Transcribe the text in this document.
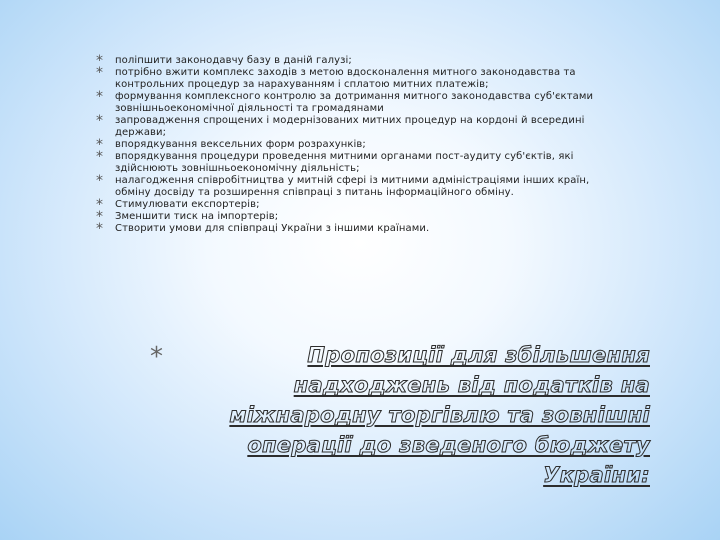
* поліпшити законодавчу базу в даній галузі;
* потрібно вжити комплекс заходів з метою вдосконалення митного законодавства та контрольних процедур за нарахуванням і сплатою митних платежів;
* формування комплексного контролю за дотримання митного законодавства суб'єктами зовнішньоекономічної діяльності та громадянами
* запровадження спрощених і модернізованих митних процедур на кордоні й всередині держави;
* впорядкування вексельних форм розрахунків;
* впорядкування процедури проведення митними органами пост-аудиту суб'єктів, які здійснюють зовнішньоекономічну діяльність;
* налагодження співробітництва у митній сфері із митними адміністраціями інших країн, обміну досвіду та розширення співпраці з питань інформаційного обміну.
* Стимулювати експортерів;
* Зменшити тиск на імпортерів;
* Створити умови для співпраці України з іншими країнами.
*	Пропозиції для збільшення надходжень від податків на міжнародну торгівлю та зовнішні операції до зведеного бюджету України:
